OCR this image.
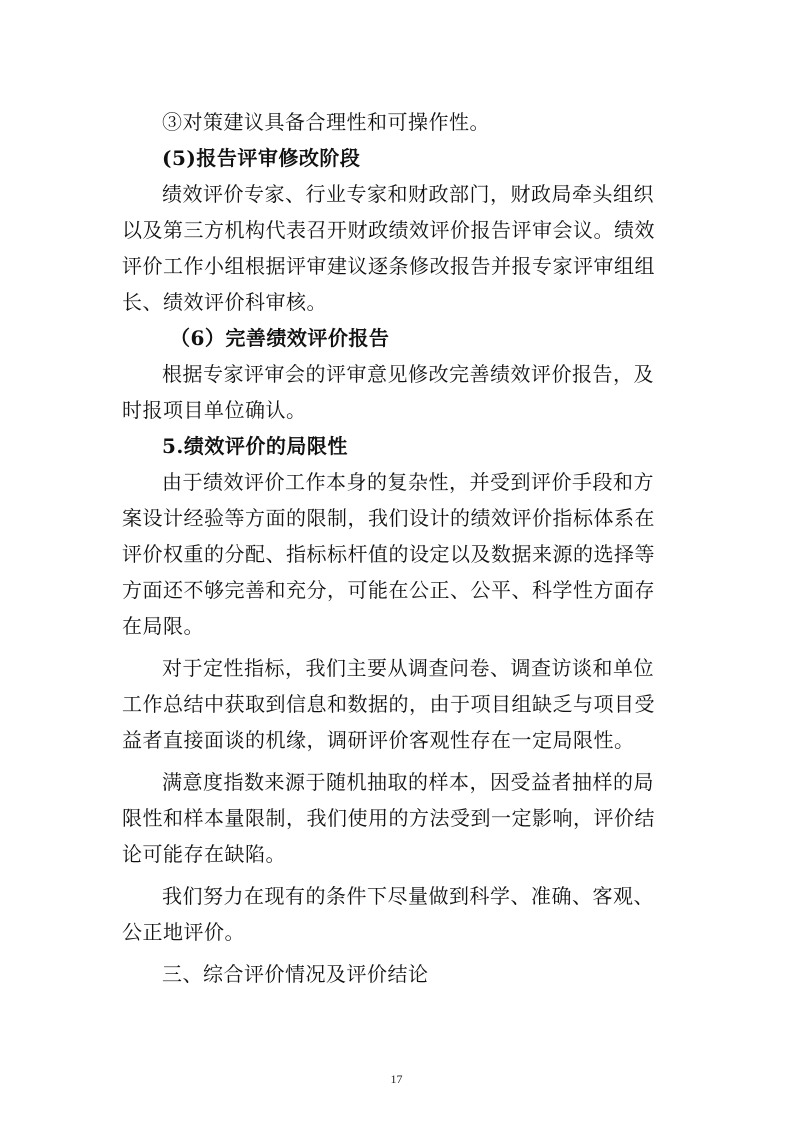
③对策建议具备合理性和可操作性。

(5)报告评审修改阶段

绩效评价专家、行业专家和财政部门，财政局牵头组织以及第三方机构代表召开财政绩效评价报告评审会议。绩效评价工作小组根据评审建议逐条修改报告并报专家评审组组长、绩效评价科审核。

（6）完善绩效评价报告

根据专家评审会的评审意见修改完善绩效评价报告，及时报项目单位确认。

5.绩效评价的局限性

由于绩效评价工作本身的复杂性，并受到评价手段和方案设计经验等方面的限制，我们设计的绩效评价指标体系在评价权重的分配、指标标杆值的设定以及数据来源的选择等方面还不够完善和充分，可能在公正、公平、科学性方面存在局限。

对于定性指标，我们主要从调查问卷、调查访谈和单位工作总结中获取到信息和数据的，由于项目组缺乏与项目受益者直接面谈的机缘，调研评价客观性存在一定局限性。

满意度指数来源于随机抽取的样本，因受益者抽样的局限性和样本量限制，我们使用的方法受到一定影响，评价结论可能存在缺陷。

我们努力在现有的条件下尽量做到科学、准确、客观、公正地评价。

三、综合评价情况及评价结论

17
